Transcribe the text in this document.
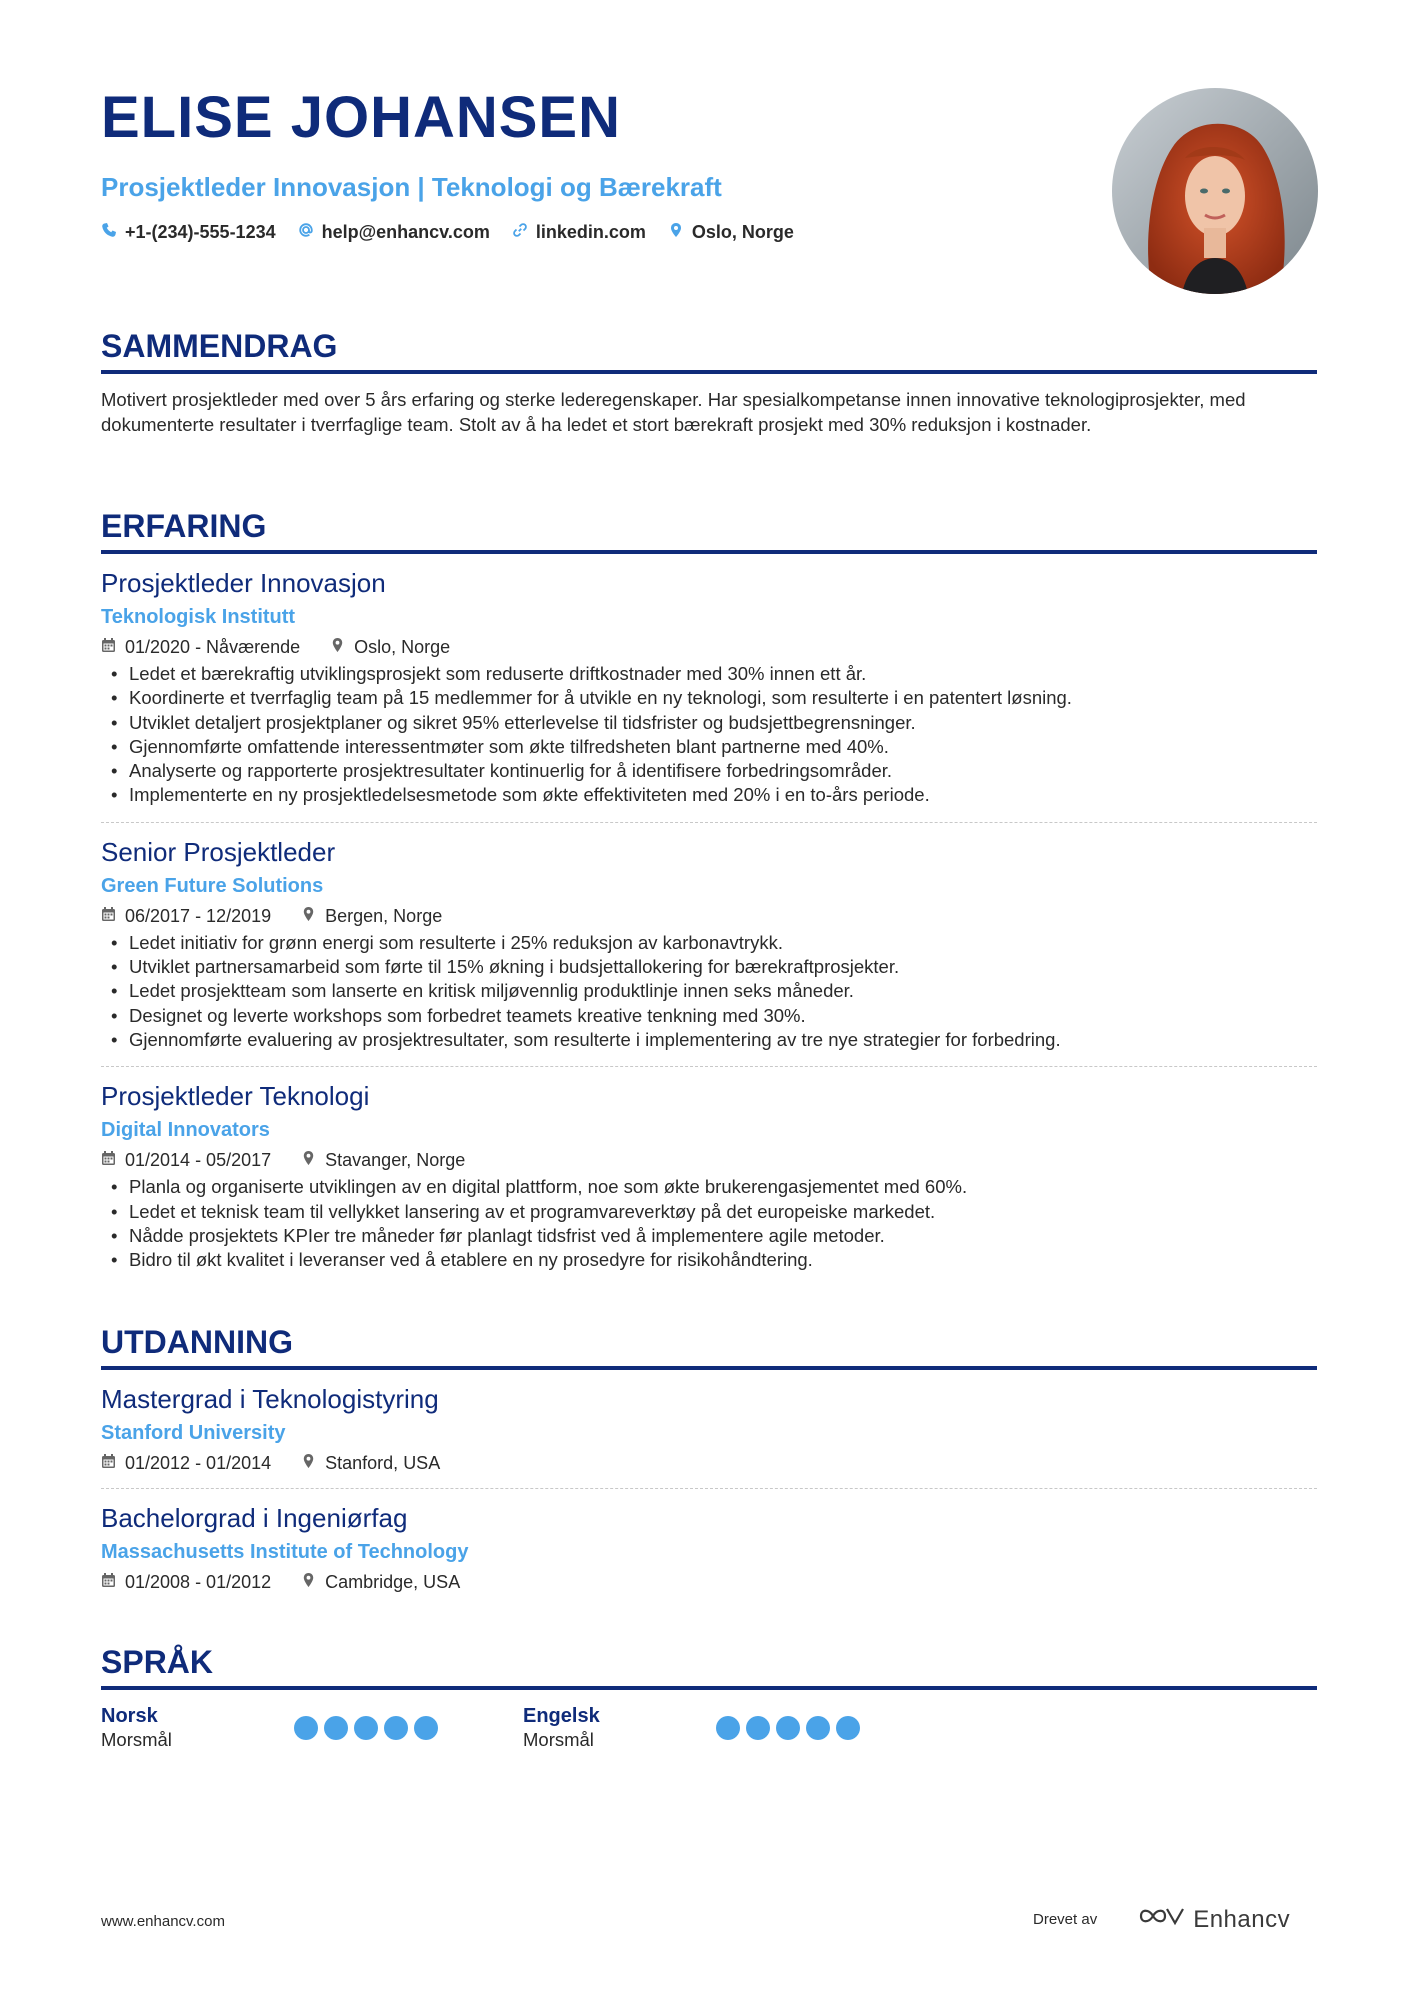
ELISE JOHANSEN
Prosjektleder Innovasjon | Teknologi og Bærekraft
+1-(234)-555-1234	help@enhancv.com	linkedin.com	Oslo, Norge
SAMMENDRAG
Motivert prosjektleder med over 5 års erfaring og sterke lederegenskaper. Har spesialkompetanse innen innovative teknologiprosjekter, med dokumenterte resultater i tverrfaglige team. Stolt av å ha ledet et stort bærekraft prosjekt med 30% reduksjon i kostnader.
ERFARING
Prosjektleder Innovasjon
Teknologisk Institutt
01/2020 - Nåværende	Oslo, Norge
• Ledet et bærekraftig utviklingsprosjekt som reduserte driftkostnader med 30% innen ett år.
• Koordinerte et tverrfaglig team på 15 medlemmer for å utvikle en ny teknologi, som resulterte i en patentert løsning.
• Utviklet detaljert prosjektplaner og sikret 95% etterlevelse til tidsfrister og budsjettbegrensninger.
• Gjennomførte omfattende interessentmøter som økte tilfredsheten blant partnerne med 40%.
• Analyserte og rapporterte prosjektresultater kontinuerlig for å identifisere forbedringsområder.
• Implementerte en ny prosjektledelsesmetode som økte effektiviteten med 20% i en to-års periode.
Senior Prosjektleder
Green Future Solutions
06/2017 - 12/2019	Bergen, Norge
• Ledet initiativ for grønn energi som resulterte i 25% reduksjon av karbonavtrykk.
• Utviklet partnersamarbeid som førte til 15% økning i budsjettallokering for bærekraftprosjekter.
• Ledet prosjektteam som lanserte en kritisk miljøvennlig produktlinje innen seks måneder.
• Designet og leverte workshops som forbedret teamets kreative tenkning med 30%.
• Gjennomførte evaluering av prosjektresultater, som resulterte i implementering av tre nye strategier for forbedring.
Prosjektleder Teknologi
Digital Innovators
01/2014 - 05/2017	Stavanger, Norge
• Planla og organiserte utviklingen av en digital plattform, noe som økte brukerengasjementet med 60%.
• Ledet et teknisk team til vellykket lansering av et programvareverktøy på det europeiske markedet.
• Nådde prosjektets KPIer tre måneder før planlagt tidsfrist ved å implementere agile metoder.
• Bidro til økt kvalitet i leveranser ved å etablere en ny prosedyre for risikohåndtering.
UTDANNING
Mastergrad i Teknologistyring
Stanford University
01/2012 - 01/2014	Stanford, USA
Bachelorgrad i Ingeniørfag
Massachusetts Institute of Technology
01/2008 - 01/2012	Cambridge, USA
SPRÅK
Norsk
Morsmål
Engelsk
Morsmål
www.enhancv.com	Drevet av	Enhancv
